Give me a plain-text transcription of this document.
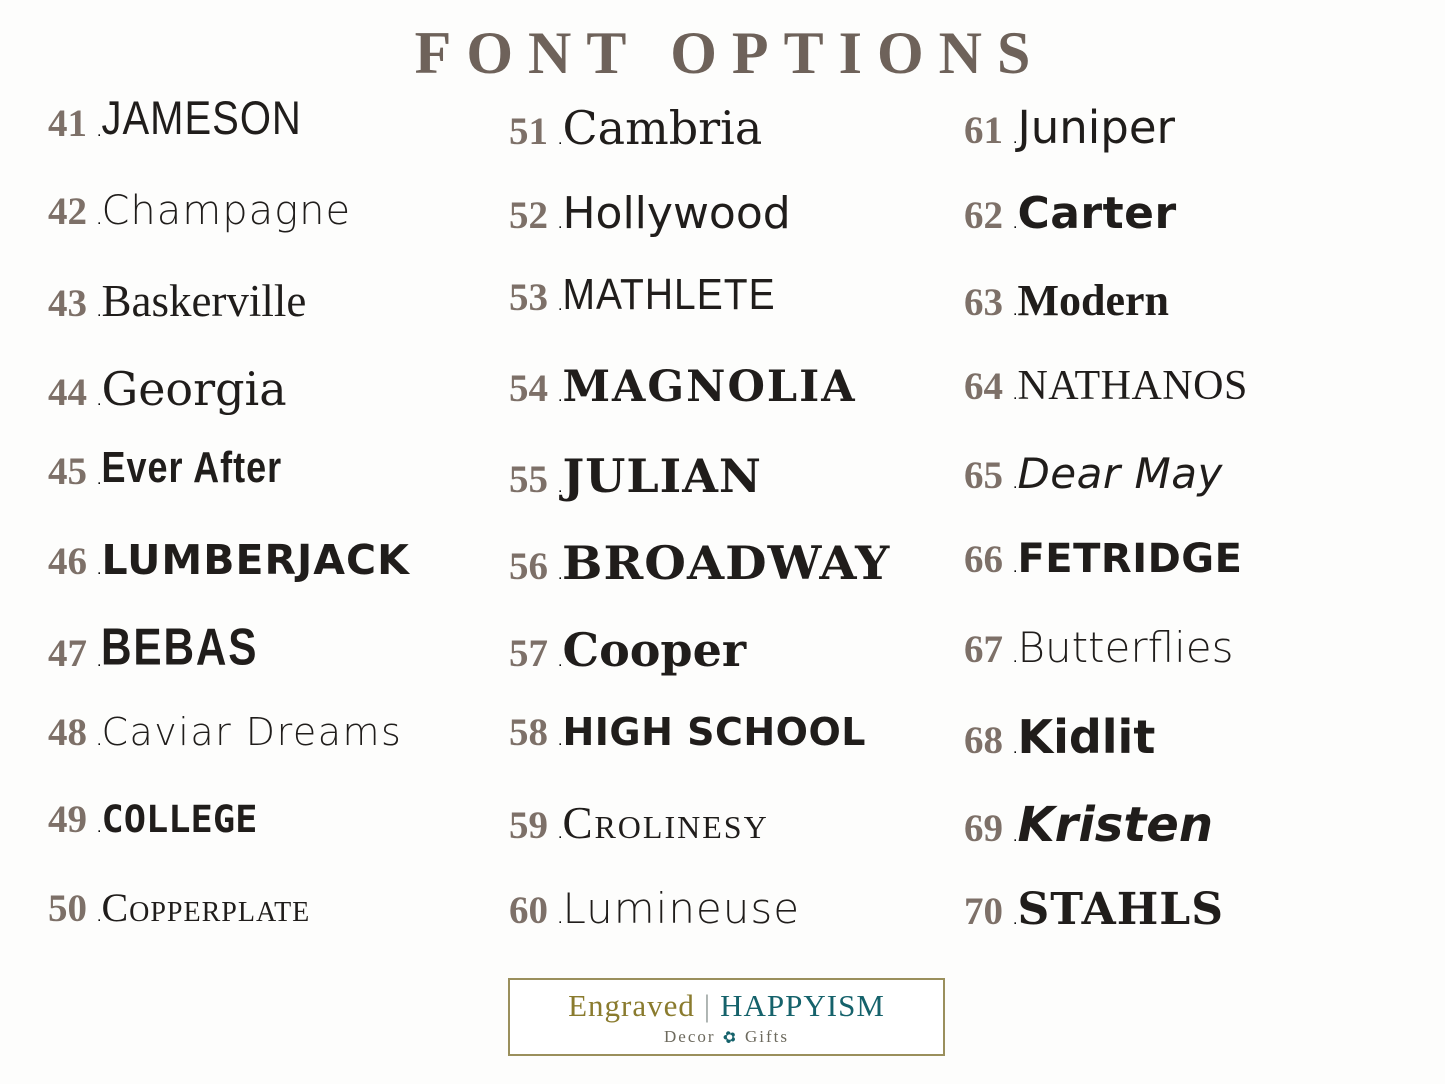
FONT OPTIONS
41 . JAMESON
42 . Champagne
43 . Baskerville
44 . Georgia
45 . Ever After
46 . LUMBERJACK
47 . BEBAS
48 . Caviar Dreams
49 . COLLEGE
50 . Copperplate
51 . Cambria
52 . Hollywood
53 . MATHLETE
54 . MAGNOLIA
55 . JULIAN
56 . BROADWAY
57 . Cooper
58 . HIGH SCHOOL
59 . Crolinesy
60 . Lumineuse
61 . Juniper
62 . Carter
63 . Modern
64 . NATHANOS
65 . Dear May
66 . FETRIDGE
67 . Butterflies
68 . Kidlit
69 . Kristen
70 . STAHLS
Engraved | HAPPYISM
Decor ✿ Gifts
